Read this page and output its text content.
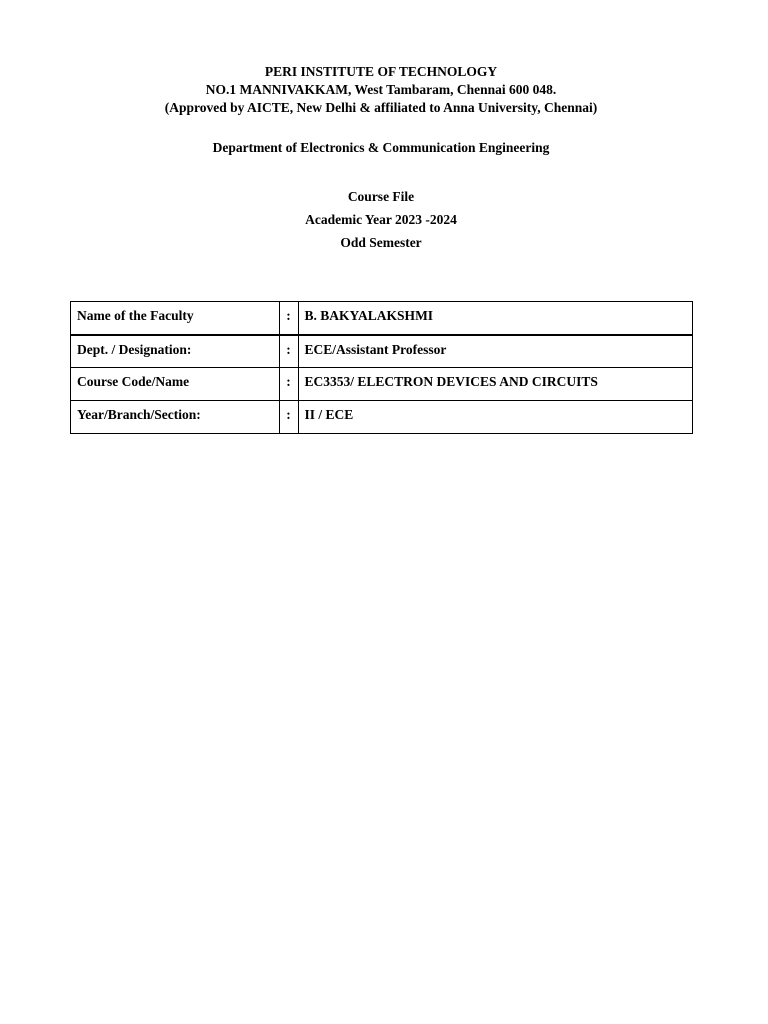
PERI INSTITUTE OF TECHNOLOGY
NO.1 MANNIVAKKAM, West Tambaram, Chennai 600 048.
(Approved by AICTE, New Delhi & affiliated to Anna University, Chennai)
Department of Electronics & Communication Engineering
Course File
Academic Year 2023 -2024
Odd Semester
Name of the Faculty	:	B. BAKYALAKSHMI
Dept. / Designation:	:	ECE/Assistant Professor
Course Code/Name	:	EC3353/ ELECTRON DEVICES AND CIRCUITS
Year/Branch/Section:	:	II / ECE
